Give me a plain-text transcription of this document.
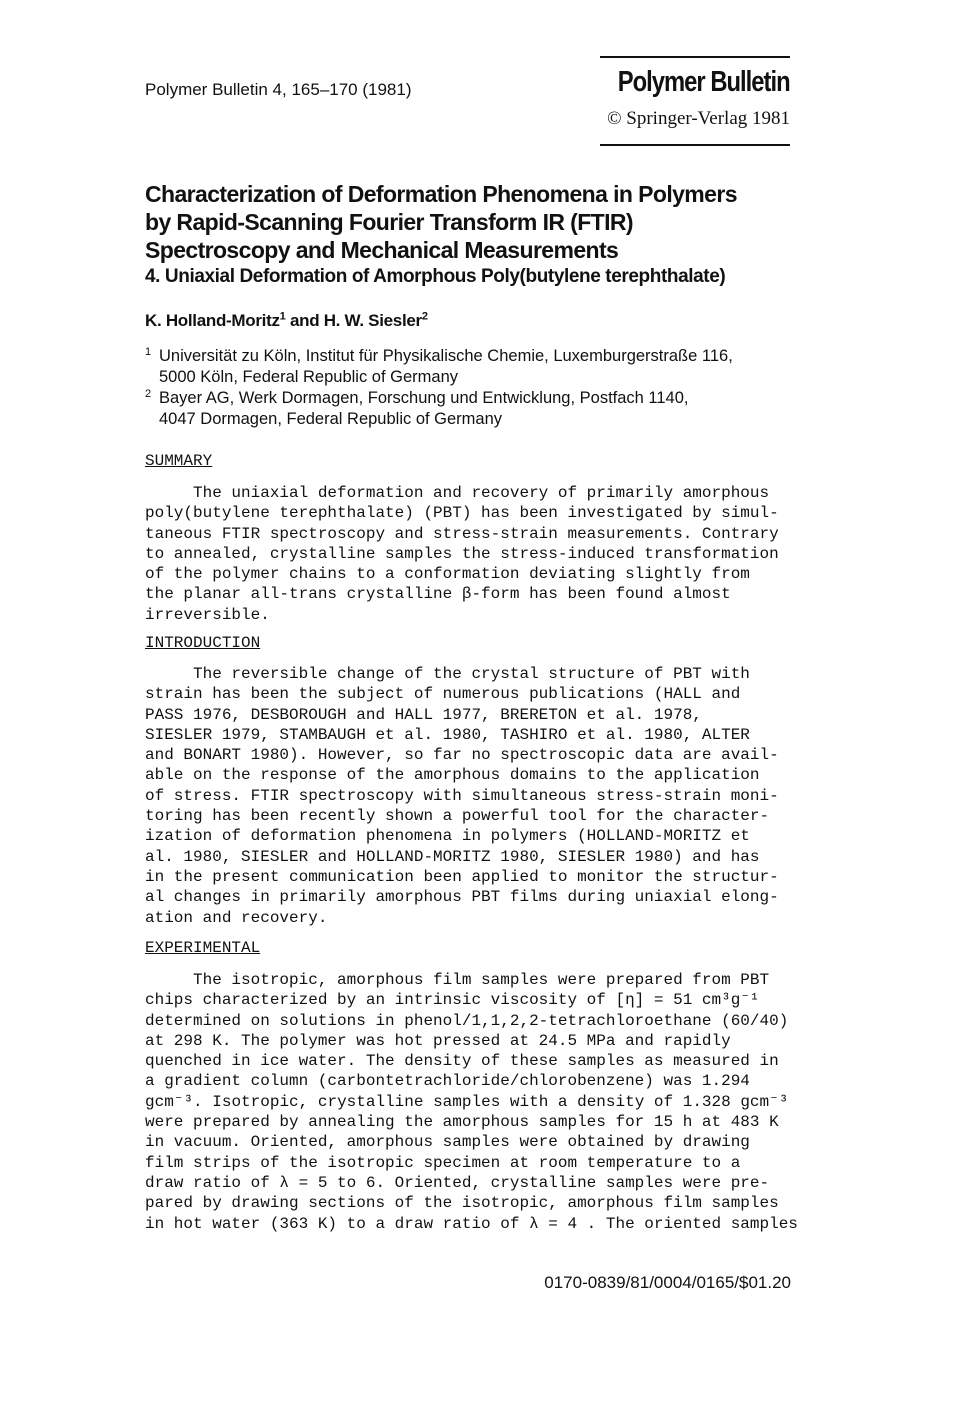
Polymer Bulletin 4, 165–170 (1981)	Polymer Bulletin
© Springer-Verlag 1981
Characterization of Deformation Phenomena in Polymers
by Rapid-Scanning Fourier Transform IR (FTIR)
Spectroscopy and Mechanical Measurements
4. Uniaxial Deformation of Amorphous Poly(butylene terephthalate)
K. Holland-Moritz$^1$ and H. W. Siesler$^2$
1 Universität zu Köln, Institut für Physikalische Chemie, Luxemburgerstraße 116,
5000 Köln, Federal Republic of Germany
2 Bayer AG, Werk Dormagen, Forschung und Entwicklung, Postfach 1140,
4047 Dormagen, Federal Republic of Germany
SUMMARY
The uniaxial deformation and recovery of primarily amorphous
poly(butylene terephthalate) (PBT) has been investigated by simul-
taneous FTIR spectroscopy and stress-strain measurements. Contrary
to annealed, crystalline samples the stress-induced transformation
of the polymer chains to a conformation deviating slightly from
the planar all-trans crystalline β-form has been found almost
irreversible.
INTRODUCTION
The reversible change of the crystal structure of PBT with
strain has been the subject of numerous publications (HALL and
PASS 1976, DESBOROUGH and HALL 1977, BRERETON et al. 1978,
SIESLER 1979, STAMBAUGH et al. 1980, TASHIRO et al. 1980, ALTER
and BONART 1980). However, so far no spectroscopic data are avail-
able on the response of the amorphous domains to the application
of stress. FTIR spectroscopy with simultaneous stress-strain moni-
toring has been recently shown a powerful tool for the character-
ization of deformation phenomena in polymers (HOLLAND-MORITZ et
al. 1980, SIESLER and HOLLAND-MORITZ 1980, SIESLER 1980) and has
in the present communication been applied to monitor the structur-
al changes in primarily amorphous PBT films during uniaxial elong-
ation and recovery.
EXPERIMENTAL
The isotropic, amorphous film samples were prepared from PBT
chips characterized by an intrinsic viscosity of [η] = 51 cm³g⁻¹
determined on solutions in phenol/1,1,2,2-tetrachloroethane (60/40)
at 298 K. The polymer was hot pressed at 24.5 MPa and rapidly
quenched in ice water. The density of these samples as measured in
a gradient column (carbontetrachloride/chlorobenzene) was 1.294
gcm⁻³. Isotropic, crystalline samples with a density of 1.328 gcm⁻³
were prepared by annealing the amorphous samples for 15 h at 483 K
in vacuum. Oriented, amorphous samples were obtained by drawing
film strips of the isotropic specimen at room temperature to a
draw ratio of λ = 5 to 6. Oriented, crystalline samples were pre-
pared by drawing sections of the isotropic, amorphous film samples
in hot water (363 K) to a draw ratio of λ = 4 . The oriented samples
0170-0839/81/0004/0165/$01.20
